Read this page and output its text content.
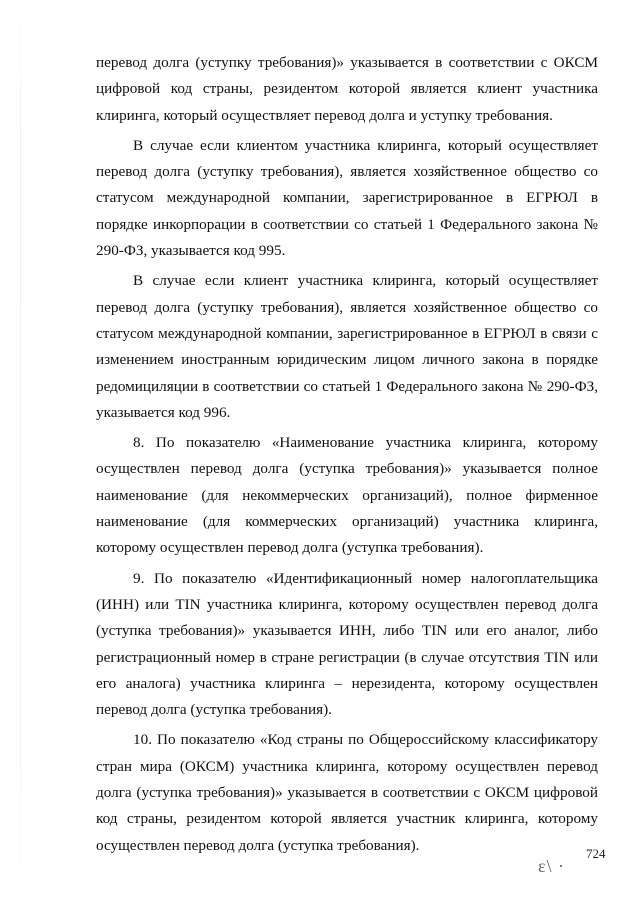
перевод долга (уступку требования)» указывается в соответствии с ОКСМ цифровой код страны, резидентом которой является клиент участника клиринга, который осуществляет перевод долга и уступку требования.

В случае если клиентом участника клиринга, который осуществляет перевод долга (уступку требования), является хозяйственное общество со статусом международной компании, зарегистрированное в ЕГРЮЛ в порядке инкорпорации в соответствии со статьей 1 Федерального закона № 290-ФЗ, указывается код 995.

В случае если клиент участника клиринга, который осуществляет перевод долга (уступку требования), является хозяйственное общество со статусом международной компании, зарегистрированное в ЕГРЮЛ в связи с изменением иностранным юридическим лицом личного закона в порядке редомициляции в соответствии со статьей 1 Федерального закона № 290-ФЗ, указывается код 996.

8. По показателю «Наименование участника клиринга, которому осуществлен перевод долга (уступка требования)» указывается полное наименование (для некоммерческих организаций), полное фирменное наименование (для коммерческих организаций) участника клиринга, которому осуществлен перевод долга (уступка требования).

9. По показателю «Идентификационный номер налогоплательщика (ИНН) или TIN участника клиринга, которому осуществлен перевод долга (уступка требования)» указывается ИНН, либо TIN или его аналог, либо регистрационный номер в стране регистрации (в случае отсутствия TIN или его аналога) участника клиринга – нерезидента, которому осуществлен перевод долга (уступка требования).

10. По показателю «Код страны по Общероссийскому классификатору стран мира (ОКСМ) участника клиринга, которому осуществлен перевод долга (уступка требования)» указывается в соответствии с ОКСМ цифровой код страны, резидентом которой является участник клиринга, которому осуществлен перевод долга (уступка требования).	724
ε\ ·
